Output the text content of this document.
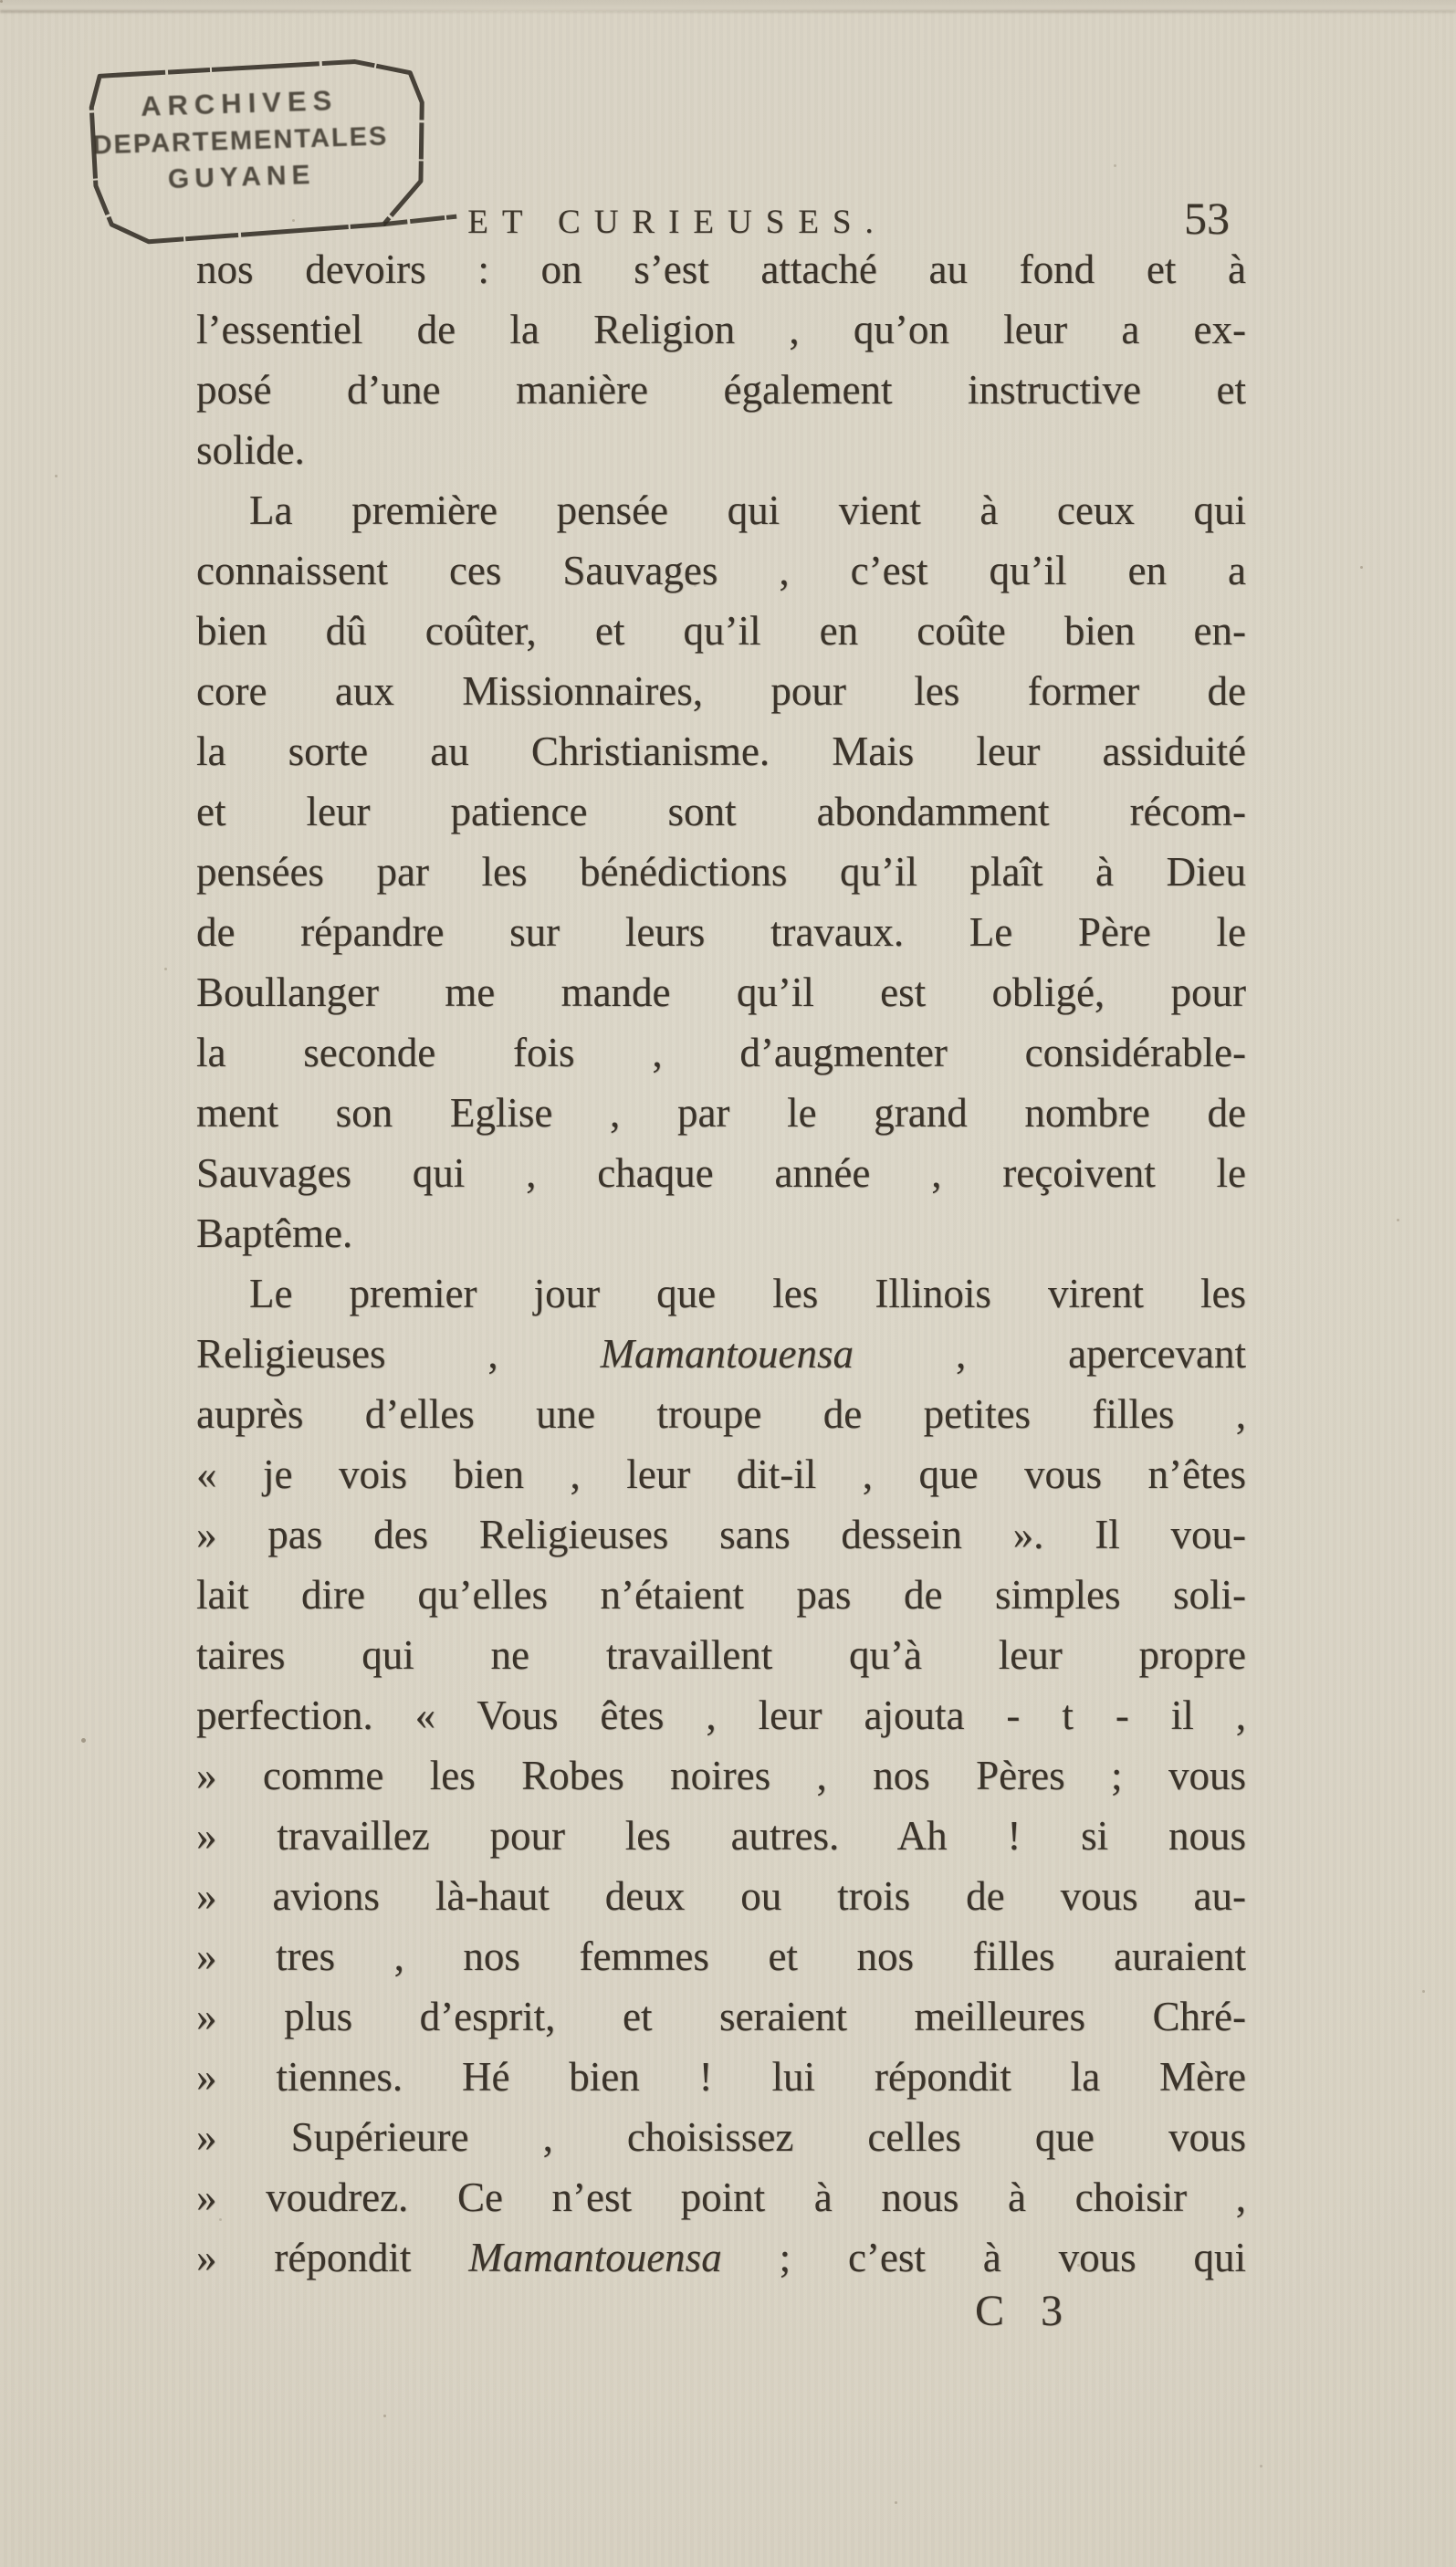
ARCHIVES
DEPARTEMENTALES
GUYANE
ET CURIEUSES.	53
nos devoirs : on s’est attaché au fond et à
l’essentiel de la Religion , qu’on leur a ex-
posé d’une manière également instructive et
solide.
La première pensée qui vient à ceux qui
connaissent ces Sauvages , c’est qu’il en a
bien dû coûter, et qu’il en coûte bien en-
core aux Missionnaires, pour les former de
la sorte au Christianisme. Mais leur assiduité
et leur patience sont abondamment récom-
pensées par les bénédictions qu’il plaît à Dieu
de répandre sur leurs travaux. Le Père le
Boullanger me mande qu’il est obligé, pour
la seconde fois , d’augmenter considérable-
ment son Eglise , par le grand nombre de
Sauvages qui , chaque année , reçoivent le
Baptême.
Le premier jour que les Illinois virent les
Religieuses , Mamantouensa , apercevant
auprès d’elles une troupe de petites filles ,
« je vois bien , leur dit-il , que vous n’êtes
» pas des Religieuses sans dessein ». Il vou-
lait dire qu’elles n’étaient pas de simples soli-
taires qui ne travaillent qu’à leur propre
perfection. « Vous êtes , leur ajouta - t - il ,
» comme les Robes noires , nos Pères ; vous
» travaillez pour les autres. Ah ! si nous
» avions là-haut deux ou trois de vous au-
» tres , nos femmes et nos filles auraient
» plus d’esprit, et seraient meilleures Chré-
» tiennes. Hé bien ! lui répondit la Mère
» Supérieure , choisissez celles que vous
» voudrez. Ce n’est point à nous à choisir ,
» répondit Mamantouensa ; c’est à vous qui
C 3
